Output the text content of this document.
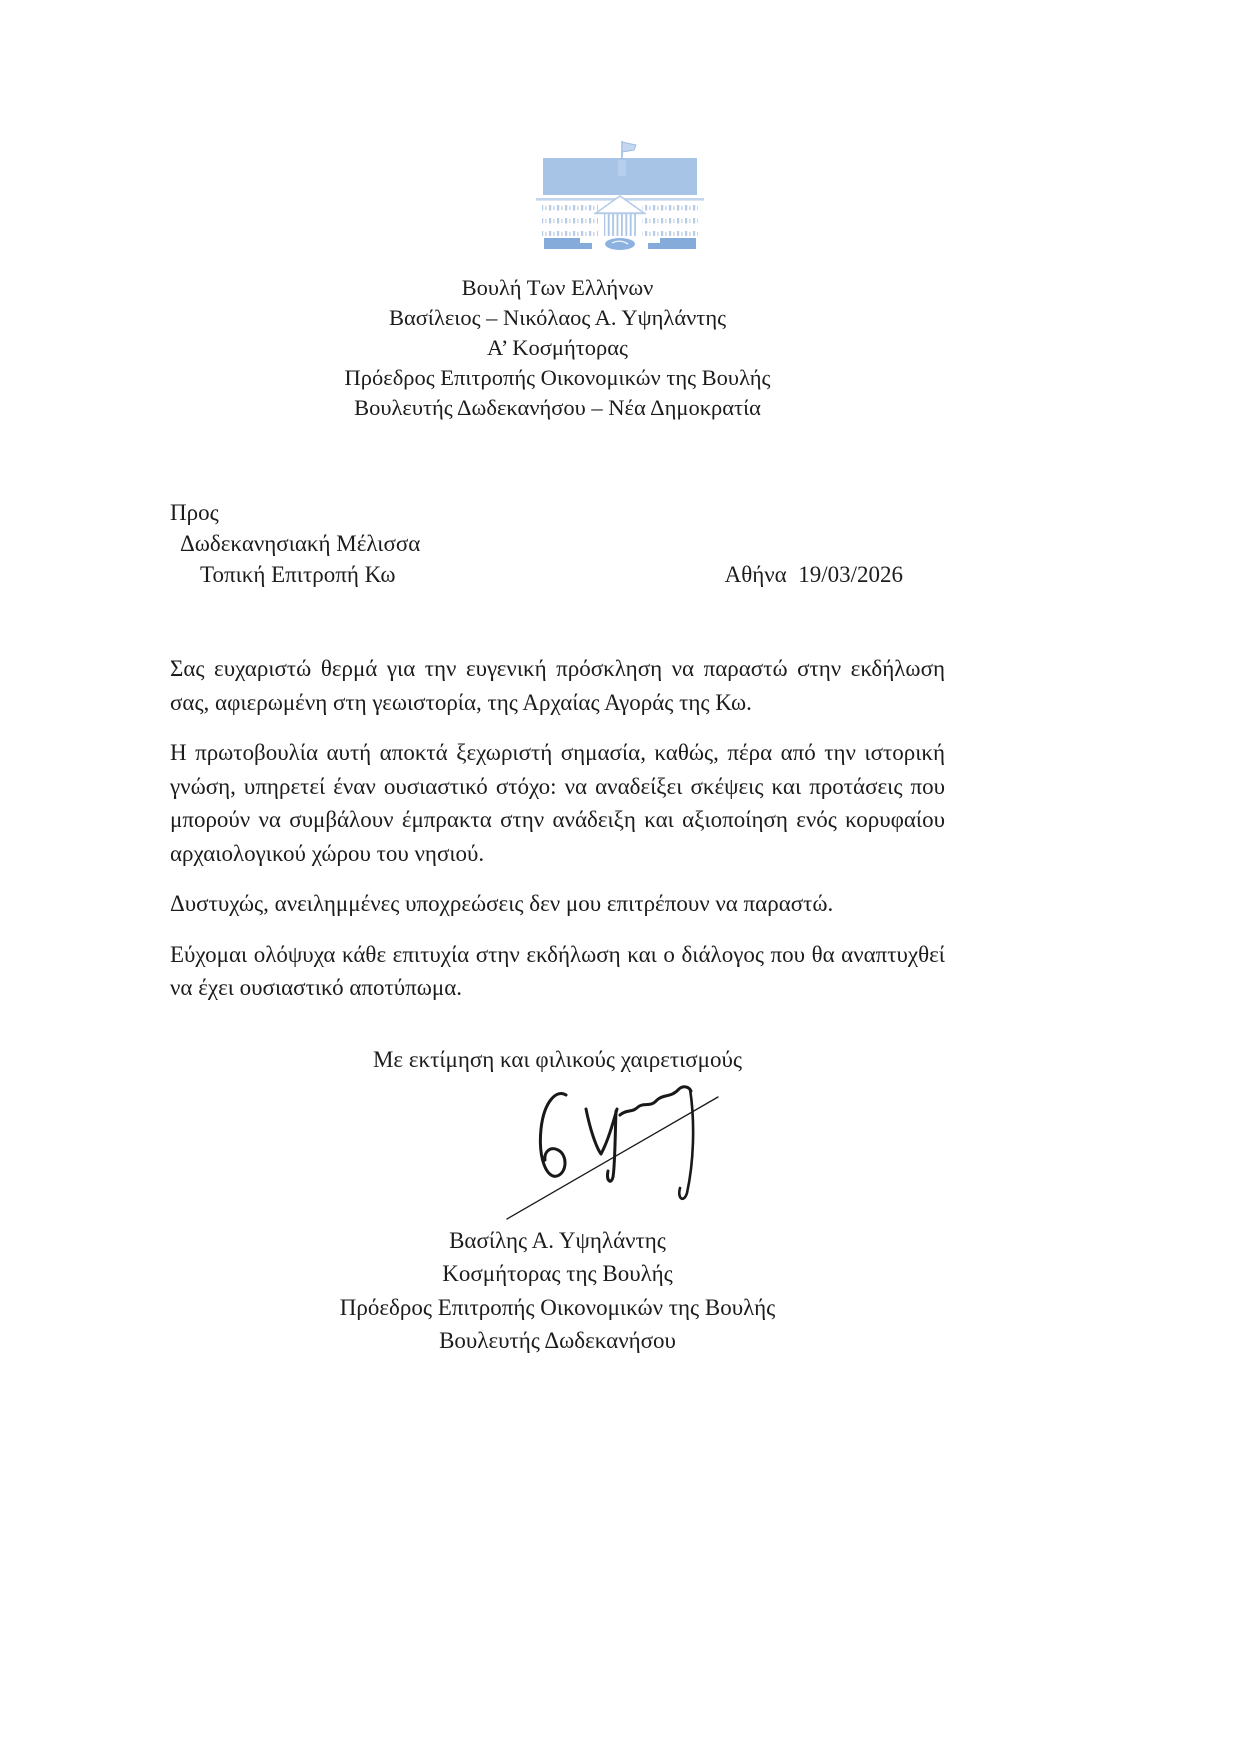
Βουλή Των Ελλήνων
Βασίλειος – Νικόλαος Α. Υψηλάντης
Α’ Κοσμήτορας
Πρόεδρος Επιτροπής Οικονομικών της Βουλής
Βουλευτής Δωδεκανήσου – Νέα Δημοκρατία
Προς
Δωδεκανησιακή Μέλισσα
Τοπική Επιτροπή Κω	Αθήνα  19/03/2026

Σας ευχαριστώ θερμά για την ευγενική πρόσκληση να παραστώ στην εκδήλωση σας, αφιερωμένη στη γεωιστορία, της Αρχαίας Αγοράς της Κω.

Η πρωτοβουλία αυτή αποκτά ξεχωριστή σημασία, καθώς, πέρα από την ιστορική γνώση, υπηρετεί έναν ουσιαστικό στόχο: να αναδείξει σκέψεις και προτάσεις που μπορούν να συμβάλουν έμπρακτα στην ανάδειξη και αξιοποίηση ενός κορυφαίου αρχαιολογικού χώρου του νησιού.

Δυστυχώς, ανειλημμένες υποχρεώσεις δεν μου επιτρέπουν να παραστώ.

Εύχομαι ολόψυχα κάθε επιτυχία στην εκδήλωση και ο διάλογος που θα αναπτυχθεί να έχει ουσιαστικό αποτύπωμα.

Με εκτίμηση και φιλικούς χαιρετισμούς
Βασίλης Α. Υψηλάντης
Κοσμήτορας της Βουλής
Πρόεδρος Επιτροπής Οικονομικών της Βουλής
Βουλευτής Δωδεκανήσου
